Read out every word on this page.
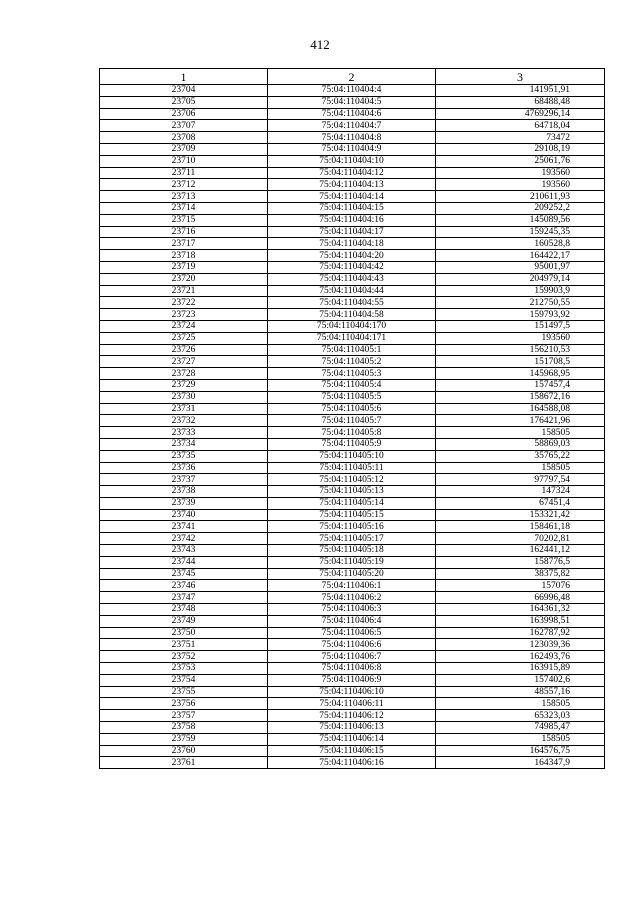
412
1	2	3
23704	75:04:110404:4	141951,91
23705	75:04:110404:5	68488,48
23706	75:04:110404:6	4769296,14
23707	75:04:110404:7	64718,04
23708	75:04:110404:8	73472
23709	75:04:110404:9	29108,19
23710	75:04:110404:10	25061,76
23711	75:04:110404:12	193560
23712	75:04:110404:13	193560
23713	75:04:110404:14	210611,93
23714	75:04:110404:15	209252,2
23715	75:04:110404:16	145089,56
23716	75:04:110404:17	159245,35
23717	75:04:110404:18	160528,8
23718	75:04:110404:20	164422,17
23719	75:04:110404:42	95001,97
23720	75:04:110404:43	204979,14
23721	75:04:110404:44	159903,9
23722	75:04:110404:55	212750,55
23723	75:04:110404:58	159793,92
23724	75:04:110404:170	151497,5
23725	75:04:110404:171	193560
23726	75:04:110405:1	156210,53
23727	75:04:110405:2	151708,5
23728	75:04:110405:3	145968,95
23729	75:04:110405:4	157457,4
23730	75:04:110405:5	158672,16
23731	75:04:110405:6	164588,08
23732	75:04:110405:7	176421,96
23733	75:04:110405:8	158505
23734	75:04:110405:9	58869,03
23735	75:04:110405:10	35765,22
23736	75:04:110405:11	158505
23737	75:04:110405:12	97797,54
23738	75:04:110405:13	147324
23739	75:04:110405:14	67451,4
23740	75:04:110405:15	153321,42
23741	75:04:110405:16	158461,18
23742	75:04:110405:17	70202,81
23743	75:04:110405:18	162441,12
23744	75:04:110405:19	158776,5
23745	75:04:110405:20	38375,82
23746	75:04:110406:1	157076
23747	75:04:110406:2	66996,48
23748	75:04:110406:3	164361,32
23749	75:04:110406:4	163998,51
23750	75:04:110406:5	162787,92
23751	75:04:110406:6	123039,36
23752	75:04:110406:7	162493,76
23753	75:04:110406:8	163915,89
23754	75:04:110406:9	157402,6
23755	75:04:110406:10	48557,16
23756	75:04:110406:11	158505
23757	75:04:110406:12	65323,03
23758	75:04:110406:13	74985,47
23759	75:04:110406:14	158505
23760	75:04:110406:15	164576,75
23761	75:04:110406:16	164347,9
